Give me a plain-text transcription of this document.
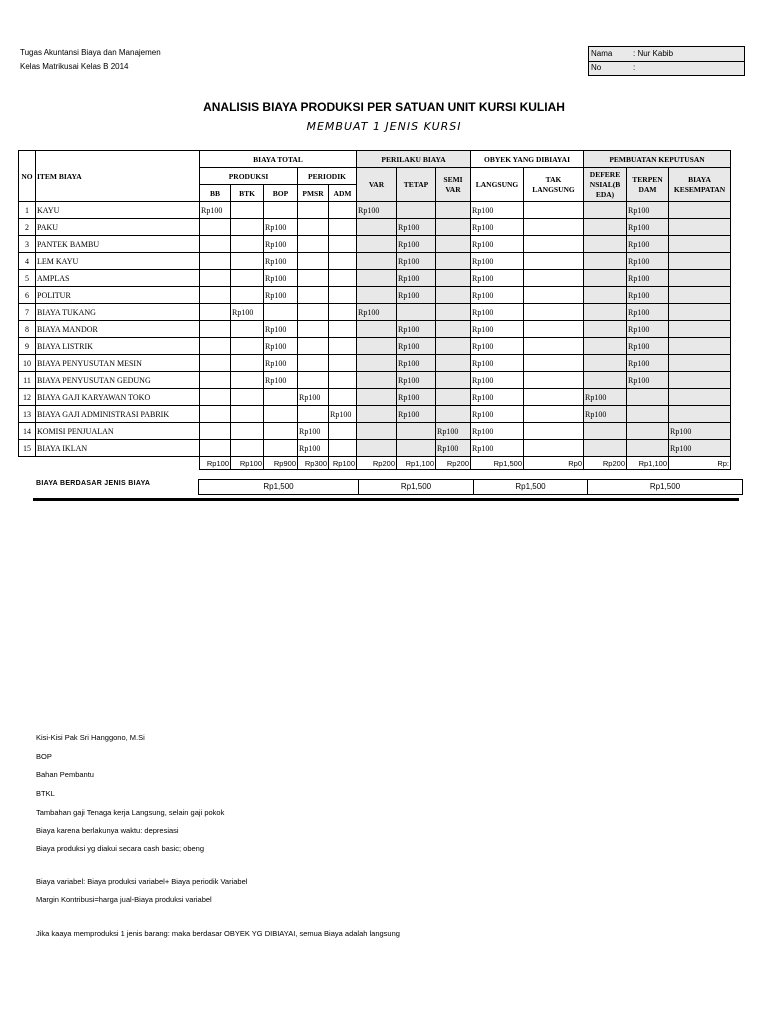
Tugas Akuntansi Biaya dan Manajemen
Kelas Matrikusai Kelas B 2014
Nama	: Nur Kabib
No	:
ANALISIS BIAYA PRODUKSI PER SATUAN UNIT KURSI KULIAH
MEMBUAT 1 JENIS KURSI
NO	ITEM BIAYA	BIAYA TOTAL					PERILAKU BIAYA			OBYEK YANG DIBIAYAI		PEMBUATAN KEPUTUSAN		
		PRODUKSI			PERIODIK		VAR	TETAP	SEMI VAR	LANGSUNG	TAK LANGSUNG	DEFERE NSIAL(B EDA)	TERPEN DAM	BIAYA KESEMPATAN
		BB	BTK	BOP	PMSR	ADM								
1	KAYU	Rp100					Rp100			Rp100			Rp100	
2	PAKU			Rp100				Rp100		Rp100			Rp100	
3	PANTEK BAMBU			Rp100				Rp100		Rp100			Rp100	
4	LEM KAYU			Rp100				Rp100		Rp100			Rp100	
5	AMPLAS			Rp100				Rp100		Rp100			Rp100	
6	POLITUR			Rp100				Rp100		Rp100			Rp100	
7	BIAYA TUKANG		Rp100				Rp100			Rp100			Rp100	
8	BIAYA MANDOR			Rp100				Rp100		Rp100			Rp100	
9	BIAYA LISTRIK			Rp100				Rp100		Rp100			Rp100	
10	BIAYA PENYUSUTAN MESIN			Rp100				Rp100		Rp100			Rp100	
11	BIAYA PENYUSUTAN GEDUNG			Rp100				Rp100		Rp100			Rp100	
12	BIAYA GAJI KARYAWAN TOKO				Rp100			Rp100		Rp100		Rp100		
13	BIAYA GAJI ADMINISTRASI PABRIK					Rp100		Rp100		Rp100		Rp100		
14	KOMISI PENJUALAN				Rp100				Rp100	Rp100				Rp100
15	BIAYA IKLAN				Rp100				Rp100	Rp100				Rp100
		Rp100	Rp100	Rp900	Rp300	Rp100	Rp200	Rp1,100	Rp200	Rp1,500	Rp0	Rp200	Rp1,100	Rp:
BIAYA BERDASAR JENIS BIAYA	Rp1,500	Rp1,500	Rp1,500	Rp1,500
Kisi-Kisi Pak Sri Hanggono, M.Si
BOP
Bahan Pembantu
BTKL
Tambahan gaji Tenaga kerja Langsung, selain gaji pokok
Biaya karena berlakunya waktu: depresiasi
Biaya produksi yg diakui secara cash basic; obeng
Biaya variabel: Biaya produksi variabel+ Biaya periodik Variabel
Margin Kontribusi=harga jual-Biaya produksi variabel
Jika kaaya memproduksi 1 jenis barang: maka berdasar OBYEK YG DIBIAYAI, semua Biaya adalah langsung
